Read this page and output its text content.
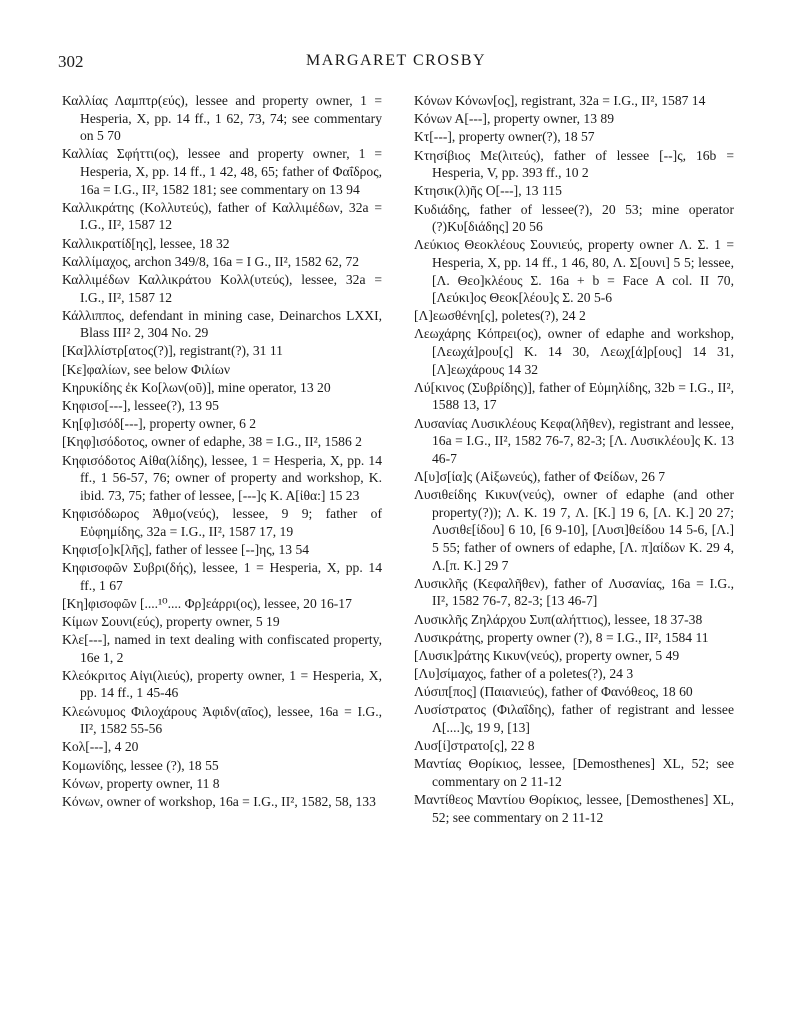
302	MARGARET CROSBY

Καλλίας Λαμπτρ(εύς), lessee and property owner, 1 = Hesperia, X, pp. 14 ff., 1 62, 73, 74; see commentary on 5 70

Καλλίας Σφήττι(ος), lessee and property owner, 1 = Hesperia, X, pp. 14 ff., 1 42, 48, 65; father of Φαΐδρος, 16a = I.G., II², 1582 181; see commentary on 13 94

Καλλικράτης (Κολλυτεύς), father of Καλλιμέδων, 32a = I.G., II², 1587 12

Καλλικρατίδ[ης], lessee, 18 32

Καλλίμαχος, archon 349/8, 16a = I G., II², 1582 62, 72

Καλλιμέδων Καλλικράτου Κολλ(υτεύς), lessee, 32a = I.G., II², 1587 12

Κάλλιππος, defendant in mining case, Deinarchos LXXI, Blass III² 2, 304 No. 29

[Κα]λλίστρ[ατος(?)], registrant(?), 31 11

[Κε]φαλίων, see below Φιλίων

Κηρυκίδης ἐκ Κο[λων(οῦ)], mine operator, 13 20

Κηφισο[---], lessee(?), 13 95

Κη[φ]ισόδ[---], property owner, 6 2

[Κηφ]ισόδοτος, owner of edaphe, 38 = I.G., II², 1586 2

Κηφισόδοτος Αἰθα(λίδης), lessee, 1 = Hesperia, X, pp. 14 ff., 1 56-57, 76; owner of property and workshop, K. ibid. 73, 75; father of lessee, [---]ς K. A[ἰθα:] 15 23

Κηφισόδωρος Ἀθμο(νεύς), lessee, 9 9; father of Εὐφημίδης, 32a = I.G., II², 1587 17, 19

Κηφισ[ο]κ[λῆς], father of lessee [--]ης, 13 54

Κηφισοφῶν Συβρι(δής), lessee, 1 = Hesperia, X, pp. 14 ff., 1 67

[Κη]φισοφῶν [....¹⁰.... Φρ]εάρρι(ος), lessee, 20 16-17

Κίμων Σουνι(εύς), property owner, 5 19

Κλε[---], named in text dealing with confiscated property, 16e 1, 2

Κλεόκριτος Αἰγι(λιεύς), property owner, 1 = Hesperia, X, pp. 14 ff., 1 45-46

Κλεώνυμος Φιλοχάρους Ἀφιδν(αῖος), lessee, 16a = I.G., II², 1582 55-56

Κολ[---], 4 20

Κομωνίδης, lessee (?), 18 55

Κόνων, property owner, 11 8

Κόνων, owner of workshop, 16a = I.G., II², 1582, 58, 133

Κόνων Κόνων[ος], registrant, 32a = I.G., II², 1587 14

Κόνων Α[---], property owner, 13 89

Κτ[---], property owner(?), 18 57

Κτησίβιος Με(λιτεύς), father of lessee [--]ς, 16b = Hesperia, V, pp. 393 ff., 10 2

Κτησικ(λ)ῆς Ο[---], 13 115

Κυδιάδης, father of lessee(?), 20 53; mine operator (?)Κυ[διάδης] 20 56

Λεύκιος Θεοκλέους Σουνιεύς, property owner Λ. Σ. 1 = Hesperia, X, pp. 14 ff., 1 46, 80, Λ. Σ[ουνι] 5 5; lessee, [Λ. Θεο]κλέους Σ. 16a + b = Face A col. II 70, [Λεύκι]ος Θεοκ[λέου]ς Σ. 20 5-6

[Λ]εωσθένη[ς], poletes(?), 24 2

Λεωχάρης Κόπρει(ος), owner of edaphe and workshop, [Λεωχά]ρου[ς] K. 14 30, Λεωχ[ά]ρ[ους] 14 31, [Λ]εωχάρους 14 32

Λύ[κινος (Συβρίδης)], father of Εὐμηλίδης, 32b = I.G., II², 1588 13, 17

Λυσανίας Λυσικλέους Κεφα(λῆθεν), registrant and lessee, 16a = I.G., II², 1582 76-7, 82-3; [Λ. Λυσικλέου]ς K. 13 46-7

Λ[υ]σ[ία]ς (Αἰξωνεύς), father of Φείδων, 26 7

Λυσιθείδης Κικυν(νεύς), owner of edaphe (and other property(?)); Λ. K. 19 7, Λ. [K.] 19 6, [Λ. K.] 20 27; Λυσιθε[ίδου] 6 10, [6 9-10], [Λυσι]θείδου 14 5-6, [Λ.] 5 55; father of owners of edaphe, [Λ. π]αίδων K. 29 4, Λ.[π. K.] 29 7

Λυσικλῆς (Κεφαλῆθεν), father of Λυσανίας, 16a = I.G., II², 1582 76-7, 82-3; [13 46-7]

Λυσικλῆς Ζηλάρχου Συπ(αλήττιος), lessee, 18 37-38

Λυσικράτης, property owner (?), 8 = I.G., II², 1584 11

[Λυσικ]ράτης Κικυν(νεύς), property owner, 5 49

[Λυ]σίμαχος, father of a poletes(?), 24 3

Λύσιπ[πος] (Παιανιεύς), father of Φανόθεος, 18 60

Λυσίστρατος (Φιλαΐδης), father of registrant and lessee Λ[....]ς, 19 9, [13]

Λυσ[ί]στρατο[ς], 22 8

Μαντίας Θορίκιος, lessee, [Demosthenes] XL, 52; see commentary on 2 11-12

Μαντίθεος Μαντίου Θορίκιος, lessee, [Demosthenes] XL, 52; see commentary on 2 11-12
